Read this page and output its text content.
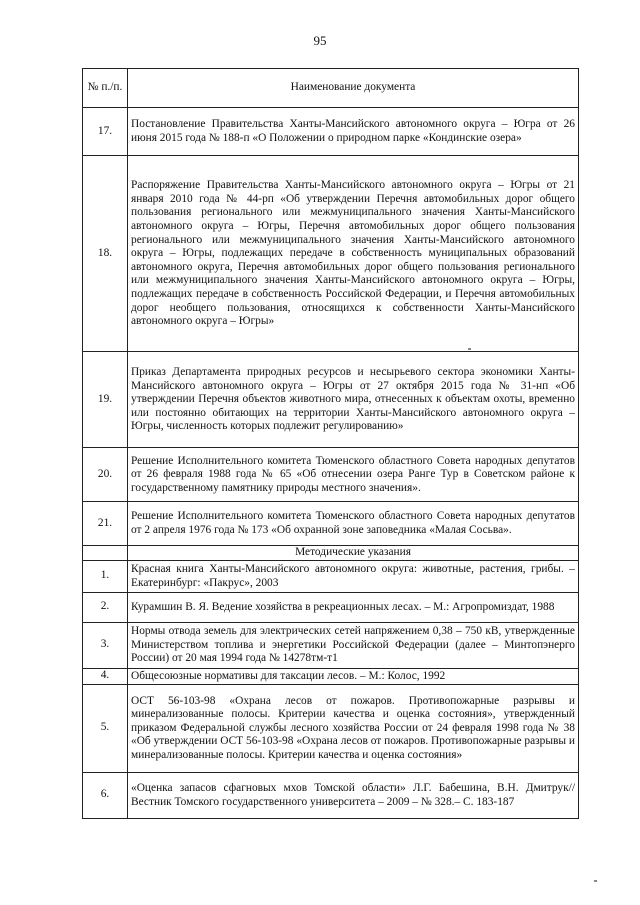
95
№ п./п.	Наименование документа
17.	Постановление Правительства Ханты-Мансийского автономного округа – Югра от 26 июня 2015 года № 188-п «О Положении о природном парке «Кондинские озера»
18.	Распоряжение Правительства Ханты-Мансийского автономного округа – Югры от 21 января 2010 года № 44-рп «Об утверждении Перечня автомобильных дорог общего пользования регионального или межмуниципального значения Ханты-Мансийского автономного округа – Югры, Перечня автомобильных дорог общего пользования регионального или межмуниципального значения Ханты-Мансийского автономного округа – Югры, подлежащих передаче в собственность муниципальных образований автономного округа, Перечня автомобильных дорог общего пользования регионального или межмуниципального значения Ханты-Мансийского автономного округа – Югры, подлежащих передаче в собственность Российской Федерации, и Перечня автомобильных дорог необщего пользования, относящихся к собственности Ханты-Мансийского автономного округа – Югры»
19.	Приказ Департамента природных ресурсов и несырьевого сектора экономики Ханты-Мансийского автономного округа – Югры от 27 октября 2015 года № 31-нп «Об утверждении Перечня объектов животного мира, отнесенных к объектам охоты, временно или постоянно обитающих на территории Ханты-Мансийского автономного округа – Югры, численность которых подлежит регулированию»
20.	Решение Исполнительного комитета Тюменского областного Совета народных депутатов от 26 февраля 1988 года № 65 «Об отнесении озера Рангe Тур в Советском районе к государственному памятнику природы местного значения».
21.	Решение Исполнительного комитета Тюменского областного Совета народных депутатов от 2 апреля 1976 года № 173 «Об охранной зоне заповедника «Малая Сосьва».
	Методические указания
1.	Красная книга Ханты-Мансийского автономного округа: животные, растения, грибы. – Екатеринбург: «Пакрус», 2003
2.	Курамшин В. Я. Ведение хозяйства в рекреационных лесах. – М.: Агропромиздат, 1988
3.	Нормы отвода земель для электрических сетей напряжением 0,38 – 750 кВ, утвержденные Министерством топлива и энергетики Российской Федерации (далее – Минтопэнерго России) от 20 мая 1994 года № 14278тм-т1
4.	Общесоюзные нормативы для таксации лесов. – М.: Колос, 1992
5.	ОСТ 56-103-98 «Охрана лесов от пожаров. Противопожарные разрывы и минерализованные полосы. Критерии качества и оценка состояния», утвержденный приказом Федеральной службы лесного хозяйства России от 24 февраля 1998 года № 38 «Об утверждении ОСТ 56-103-98 «Охрана лесов от пожаров. Противопожарные разрывы и минерализованные полосы. Критерии качества и оценка состояния»
6.	«Оценка запасов сфагновых мхов Томской области» Л.Г. Бабешина, В.Н. Дмитрук// Вестник Томского государственного университета – 2009 – № 328.– С. 183-187
